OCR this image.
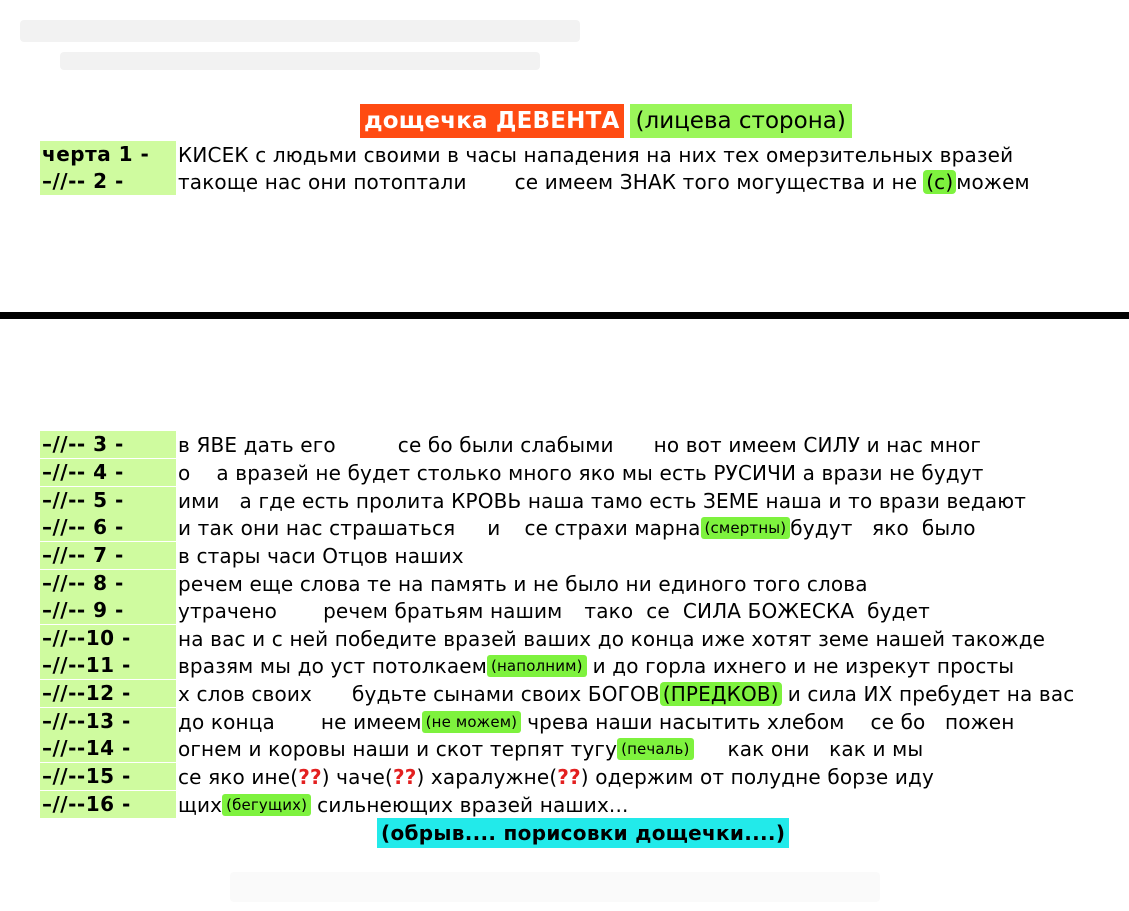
дощечка ДЕВЕНТА (лицева сторона)
черта 1 -	КИСЕК с людьми своими в часы нападения на них тех омерзительных вразей
–//-- 2 -	такоще нас они потоптали се имеем ЗНАК того могущества и не (с) можем
–//-- 3 -	в ЯВЕ дать его	се бо были слабыми но вот имеем СИЛУ и нас мног
–//-- 4 -	о а вразей не будет столько много яко мы есть РУСИЧИ а врази не будут
–//-- 5 -	ими а где есть пролита КРОВЬ наша тамо есть ЗЕМЕ наша и то врази ведают
–//-- 6 -	и так они нас страшаться и се страхи марна (смертны) будут   яко  было
–//-- 7 -	в стары часи Отцов наших
–//-- 8 -	речем еще слова те на память и не было ни единого того слова
–//-- 9 -	утрачено речем братьям нашим тако  се  СИЛА БОЖЕСКА  будет
–//--10 -	на вас и с ней победите вразей ваших до конца иже хотят земе нашей такожде
–//--11 -	вразям мы до уст потолкаем (наполним) и до горла ихнего и не изрекут просты
–//--12 -	х слов своих будьте сынами своих БОГОВ (ПРЕДКОВ) и сила ИХ пребудет на вас
–//--13 -	до конца не имеем (не можем) чрева наши насытить хлебом    се бо   пожен
–//--14 -	огнем и коровы наши и скот терпят тугу (печаль) как они   как и мы
–//--15 -	се яко ине( ?? ) чаче( ?? ) харалужне( ?? ) одержим от полудне борзе иду
–//--16 -	щих (бегущих) сильнеющих вразей наших...
(обрыв.... порисовки дощечки....)
